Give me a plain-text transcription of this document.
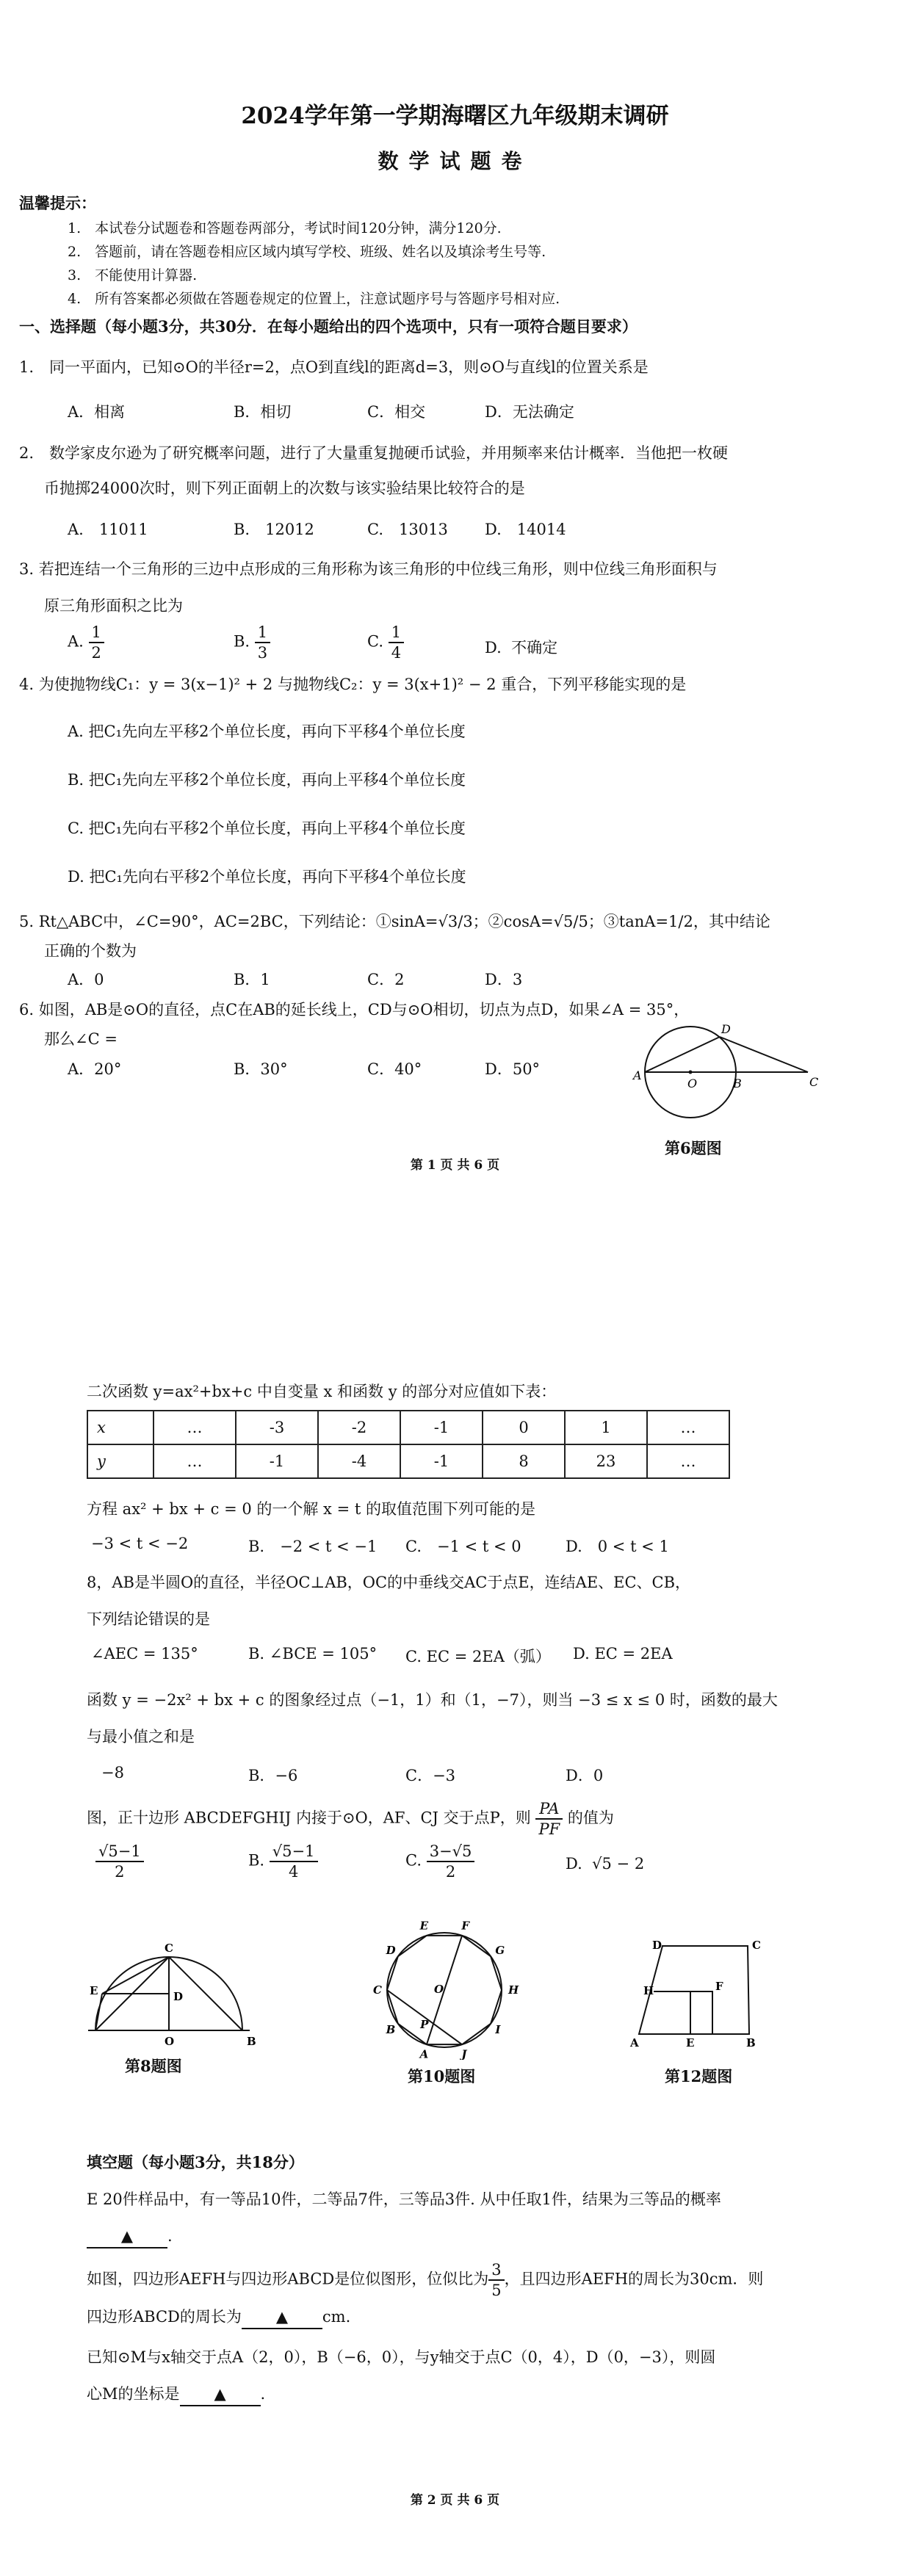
2024学年第一学期海曙区九年级期末调研
数学试题卷
温馨提示：
1.　本试卷分试题卷和答题卷两部分，考试时间120分钟，满分120分.
2.　答题前，请在答题卷相应区域内填写学校、班级、姓名以及填涂考生号等.
3.　不能使用计算器.
4.　所有答案都必须做在答题卷规定的位置上，注意试题序号与答题序号相对应.
一、选择题（每小题3分，共30分．在每小题给出的四个选项中，只有一项符合题目要求）
1.　同一平面内，已知⊙O的半径r=2，点O到直线l的距离d=3，则⊙O与直线l的位置关系是
A．相离	B．相切	C．相交	D．无法确定
2.　数学家皮尔逊为了研究概率问题，进行了大量重复抛硬币试验，并用频率来估计概率．当他把一枚硬
币抛掷24000次时，则下列正面朝上的次数与该实验结果比较符合的是
A.　11011	B.　12012	C.　13013 D.　14014
3. 若把连结一个三角形的三边中点形成的三角形称为该三角形的中位线三角形，则中位线三角形面积与
原三角形面积之比为
A. $\frac{1}{2}$	B. $\frac{1}{3}$	C. $\frac{1}{4}$	D. 不确定
4. 为使抛物线C₁：y = 3(x−1)² + 2 与抛物线C₂：y = 3(x+1)² − 2 重合，下列平移能实现的是
A. 把C₁先向左平移2个单位长度，再向下平移4个单位长度
B. 把C₁先向左平移2个单位长度，再向上平移4个单位长度
C. 把C₁先向右平移2个单位长度，再向上平移4个单位长度
D. 把C₁先向右平移2个单位长度，再向下平移4个单位长度
5. Rt△ABC中，∠C=90°，AC=2BC，下列结论：①sinA=√3/3；②cosA=√5/5；③tanA=1/2，其中结论
正确的个数为
A．0	B．1	C．2	D．3
6. 如图，AB是⊙O的直径，点C在AB的延长线上，CD与⊙O相切，切点为点D，如果∠A = 35°，
那么∠C =
A．20°	B．30°	C．40°	D．50°	A
O	B	C
D
第6题图
第 1 页 共 6 页
二次函数 y=ax²+bx+c 中自变量 x 和函数 y 的部分对应值如下表：
x	…	-3	-2	-1	0	1	…
y	…	-1	-4	-1	8	23	…
方程 ax² + bx + c = 0 的一个解 x = t 的取值范围下列可能的是
−3 < t < −2	B.　−2 < t < −1 C.　−1 < t < 0	D.　0 < t < 1
8，AB是半圆O的直径，半径OC⊥AB，OC的中垂线交AC于点E，连结AE、EC、CB，
下列结论错误的是
∠AEC = 135°	B. ∠BCE = 105° C. EC = 2EA（弧） D. EC = 2EA
函数 y = −2x² + bx + c 的图象经过点（−1，1）和（1，−7），则当 −3 ≤ x ≤ 0 时，函数的最大
与最小值之和是
−8	B．−6	C．−3	D．0
图，正十边形 ABCDEFGHIJ 内接于⊙O，AF、CJ 交于点P，则 $\frac{PA}{PF}$ 的值为
$\frac{√5-1}{2}$	B. $\frac{√5-1}{4}$	C. $\frac{3-√5}{2}$	D. √5 − 2
C
E	D
O	B
第8题图
A
B
C
D
E	F
G
H
I
J
O
P
第10题图
D	C
H	F
A	E	B
第12题图
填空题（每小题3分，共18分）
E 20件样品中，有一等品10件，二等品7件，三等品3件. 从中任取1件，结果为三等品的概率
▲ .
如图，四边形AEFH与四边形ABCD是位似图形，位似比为 $\frac{3}{5}$ ，且四边形AEFH的周长为30cm．则
四边形ABCD的周长为 ▲ cm.
已知⊙M与x轴交于点A（2，0），B（−6，0），与y轴交于点C（0，4），D（0，−3），则圆
心M的坐标是 ▲ .
第 2 页 共 6 页
